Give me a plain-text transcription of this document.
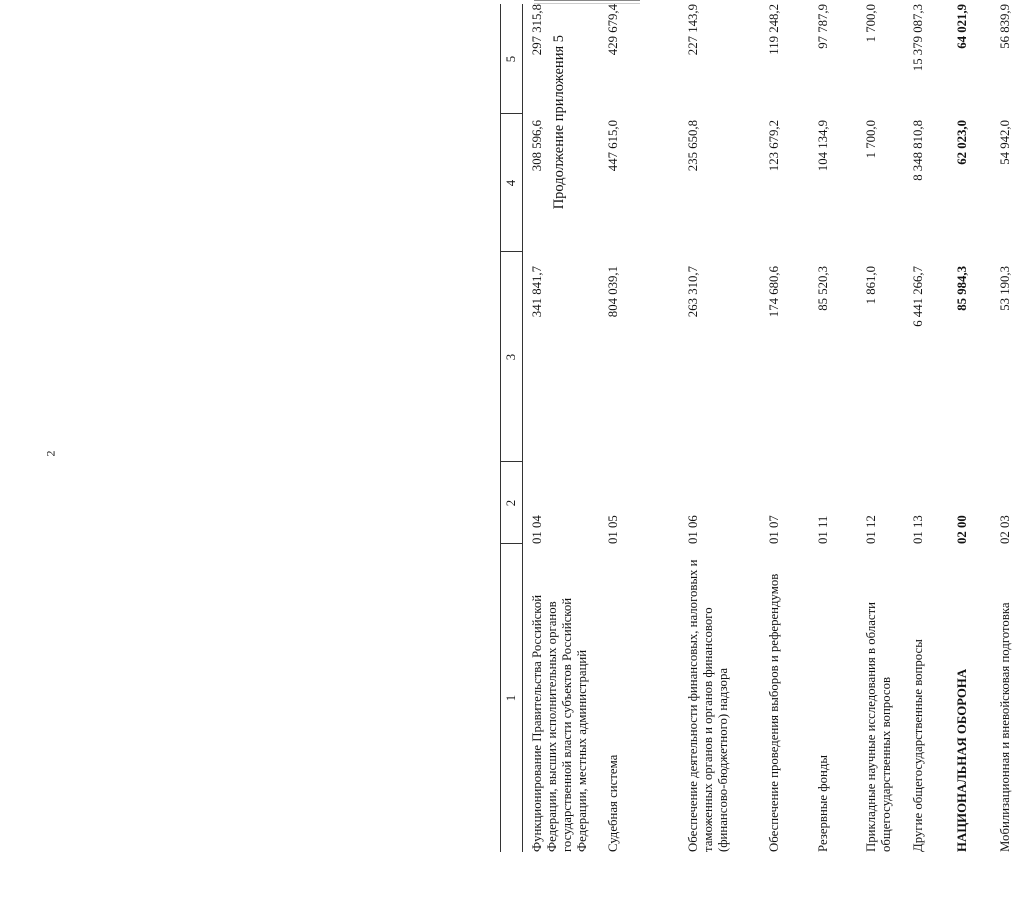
2
Продолжение приложения 5
1
2
3
4
5
Функционирование Правительства Российской Федерации, высших исполнительных органов государственной власти субъектов Российской Федерации, местных администраций
01 04
341 841,7
308 596,6
297 315,8
Судебная система
01 05
804 039,1
447 615,0
429 679,4
Обеспечение деятельности финансовых, налоговых и таможенных органов и органов финансового (финансово-бюджетного) надзора
01 06
263 310,7
235 650,8
227 143,9
Обеспечение проведения выборов и референдумов
01 07
174 680,6
123 679,2
119 248,2
Резервные фонды
01 11
85 520,3
104 134,9
97 787,9
Прикладные научные исследования в области общегосударственных вопросов
01 12
1 861,0
1 700,0
1 700,0
Другие общегосударственные вопросы
01 13
6 441 266,7
8 348 810,8
15 379 087,3
НАЦИОНАЛЬНАЯ ОБОРОНА
02 00
85 984,3
62 023,0
64 021,9
Мобилизационная и вневойсковая подготовка
02 03
53 190,3
54 942,0
56 839,9
